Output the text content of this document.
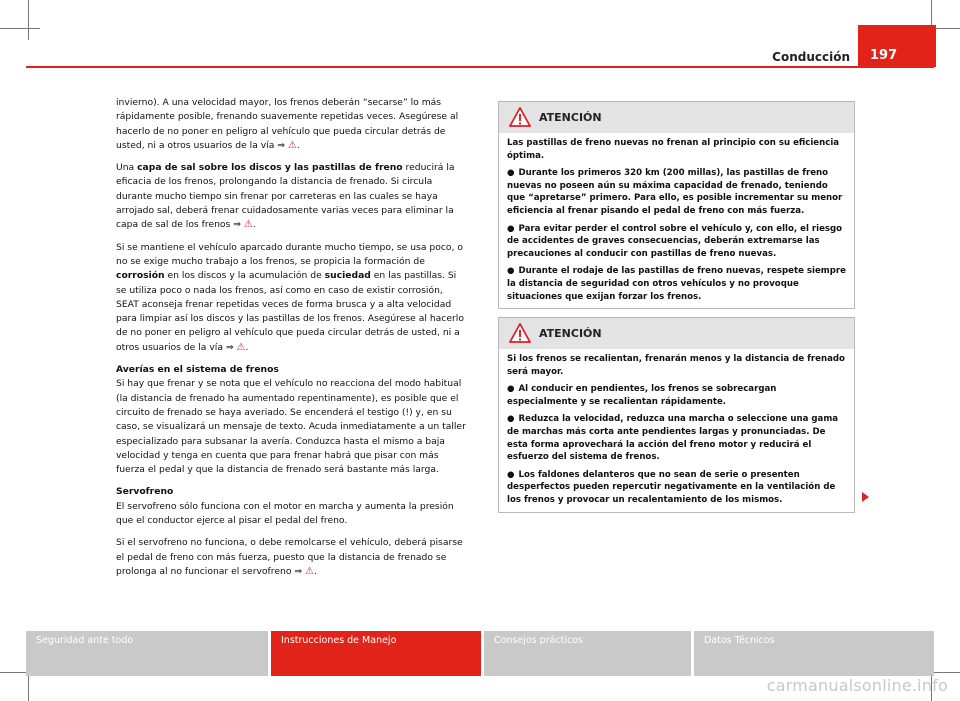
Conducción 197

invierno). A una velocidad mayor, los frenos deberán “secarse” lo más rápidamente posible, frenando suavemente repetidas veces. Asegúrese al hacerlo de no poner en peligro al vehículo que pueda circular detrás de usted, ni a otros usuarios de la vía ⇒ ⚠.

Una capa de sal sobre los discos y las pastillas de freno reducirá la eficacia de los frenos, prolongando la distancia de frenado. Si circula durante mucho tiempo sin frenar por carreteras en las cuales se haya arrojado sal, deberá frenar cuidadosamente varias veces para eliminar la capa de sal de los frenos ⇒ ⚠.

Si se mantiene el vehículo aparcado durante mucho tiempo, se usa poco, o no se exige mucho trabajo a los frenos, se propicia la formación de corrosión en los discos y la acumulación de suciedad en las pastillas. Si se utiliza poco o nada los frenos, así como en caso de existir corrosión, SEAT aconseja frenar repetidas veces de forma brusca y a alta velocidad para limpiar así los discos y las pastillas de los frenos. Asegúrese al hacerlo de no poner en peligro al vehículo que pueda circular detrás de usted, ni a otros usuarios de la vía ⇒ ⚠.

Averías en el sistema de frenos

Si hay que frenar y se nota que el vehículo no reacciona del modo habitual (la distancia de frenado ha aumentado repentinamente), es posible que el circuito de frenado se haya averiado. Se encenderá el testigo (!) y, en su caso, se visualizará un mensaje de texto. Acuda inmediatamente a un taller especializado para subsanar la avería. Conduzca hasta el mismo a baja velocidad y tenga en cuenta que para frenar habrá que pisar con más fuerza el pedal y que la distancia de frenado será bastante más larga.

Servofreno

El servofreno sólo funciona con el motor en marcha y aumenta la presión que el conductor ejerce al pisar el pedal del freno.

Si el servofreno no funciona, o debe remolcarse el vehículo, deberá pisarse el pedal de freno con más fuerza, puesto que la distancia de frenado se prolonga al no funcionar el servofreno ⇒ ⚠.

ATENCIÓN

Las pastillas de freno nuevas no frenan al principio con su eficiencia óptima.

● Durante los primeros 320 km (200 millas), las pastillas de freno nuevas no poseen aún su máxima capacidad de frenado, teniendo que “apretarse” primero. Para ello, es posible incrementar su menor eficiencia al frenar pisando el pedal de freno con más fuerza.

● Para evitar perder el control sobre el vehículo y, con ello, el riesgo de accidentes de graves consecuencias, deberán extremarse las precauciones al conducir con pastillas de freno nuevas.

● Durante el rodaje de las pastillas de freno nuevas, respete siempre la distancia de seguridad con otros vehículos y no provoque situaciones que exijan forzar los frenos.

ATENCIÓN

Si los frenos se recalientan, frenarán menos y la distancia de frenado será mayor.

● Al conducir en pendientes, los frenos se sobrecargan especialmente y se recalientan rápidamente.

● Reduzca la velocidad, reduzca una marcha o seleccione una gama de marchas más corta ante pendientes largas y pronunciadas. De esta forma aprovechará la acción del freno motor y reducirá el esfuerzo del sistema de frenos.

● Los faldones delanteros que no sean de serie o presenten desperfectos pueden repercutir negativamente en la ventilación de los frenos y provocar un recalentamiento de los mismos.

Seguridad ante todo	Instrucciones de Manejo	Consejos prácticos	Datos Técnicos
carmanualsonline.info
